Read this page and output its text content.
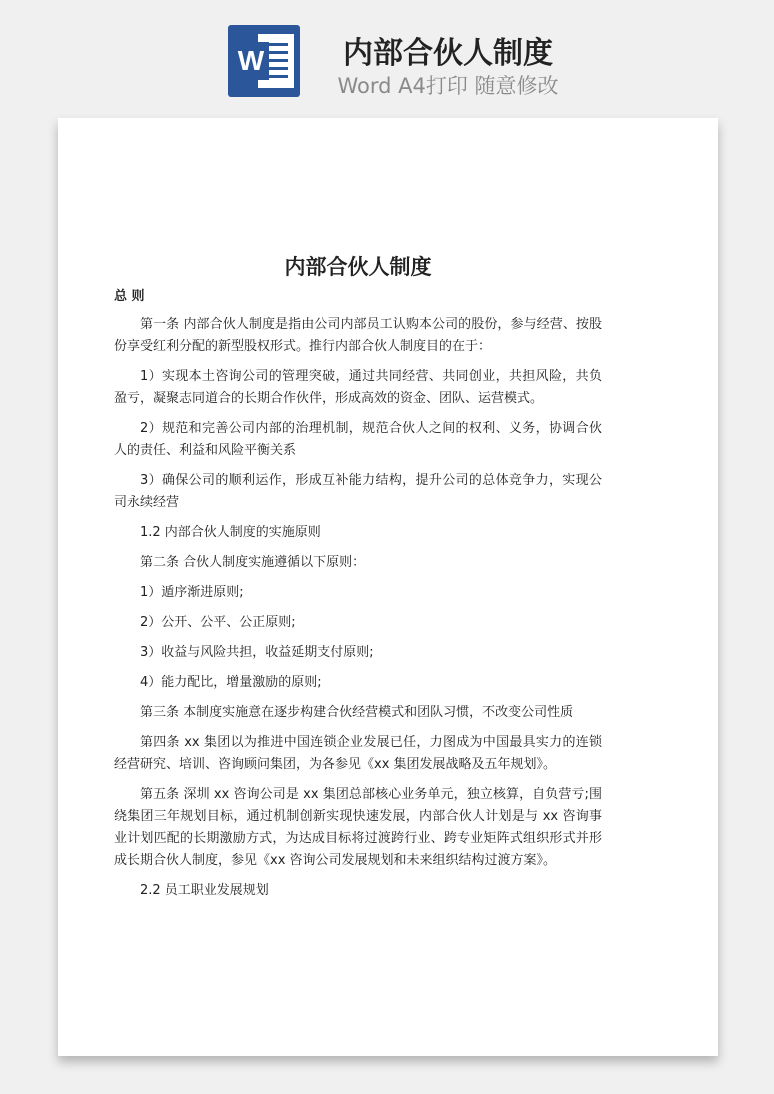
W	内部合伙人制度
Word A4打印 随意修改
内部合伙人制度
总 则

第一条 内部合伙人制度是指由公司内部员工认购本公司的股份，参与经营、按股份享受红利分配的新型股权形式。推行内部合伙人制度目的在于：

1）实现本土咨询公司的管理突破，通过共同经营、共同创业，共担风险，共负盈亏，凝聚志同道合的长期合作伙伴，形成高效的资金、团队、运营模式。

2）规范和完善公司内部的治理机制，规范合伙人之间的权利、义务，协调合伙人的责任、利益和风险平衡关系

3）确保公司的顺利运作，形成互补能力结构，提升公司的总体竞争力，实现公司永续经营

1.2 内部合伙人制度的实施原则

第二条 合伙人制度实施遵循以下原则：

1）遁序渐进原则;

2）公开、公平、公正原则;

3）收益与风险共担，收益延期支付原则;

4）能力配比，增量激励的原则;

第三条 本制度实施意在逐步构建合伙经营模式和团队习惯，不改变公司性质

第四条 xx 集团以为推进中国连锁企业发展已任，力图成为中国最具实力的连锁经营研究、培训、咨询顾问集团，为各参见《xx 集团发展战略及五年规划》。

第五条 深圳 xx 咨询公司是 xx 集团总部核心业务单元，独立核算，自负营亏;围绕集团三年规划目标，通过机制创新实现快速发展，内部合伙人计划是与 xx 咨询事业计划匹配的长期激励方式，为达成目标将过渡跨行业、跨专业矩阵式组织形式并形成长期合伙人制度，参见《xx 咨询公司发展规划和未来组织结构过渡方案》。

2.2 员工职业发展规划
